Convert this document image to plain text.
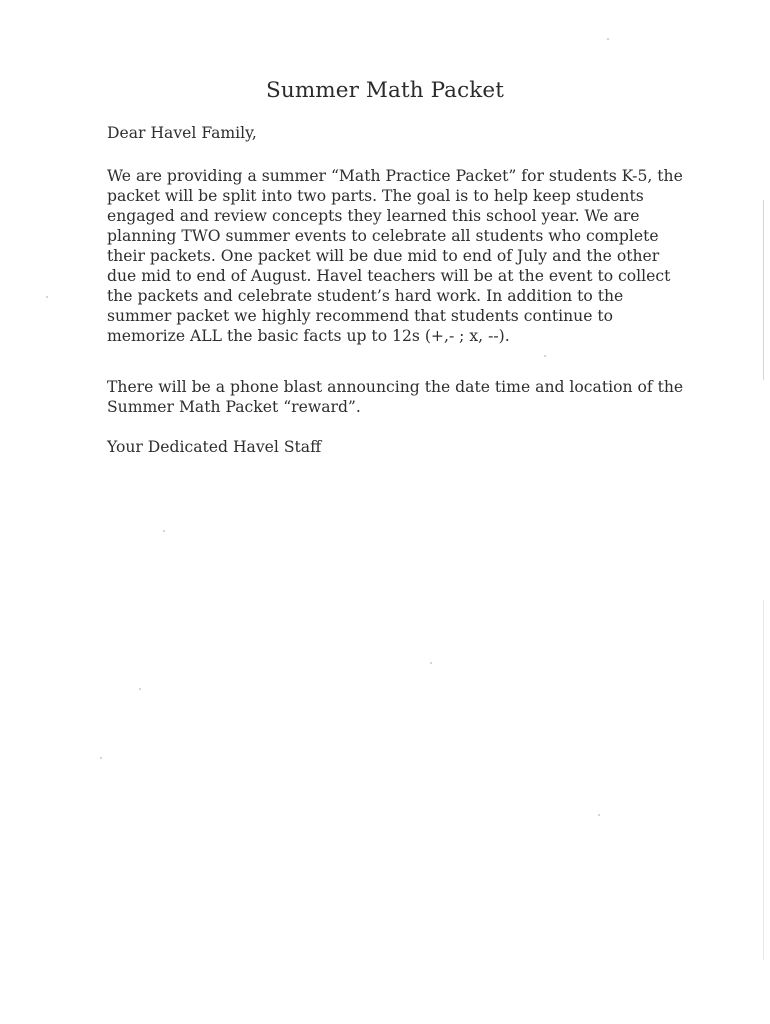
Summer Math Packet

Dear Havel Family,

We are providing a summer “Math Practice Packet” for students K-5, the
packet will be split into two parts. The goal is to help keep students
engaged and review concepts they learned this school year. We are
planning TWO summer events to celebrate all students who complete
their packets. One packet will be due mid to end of July and the other
due mid to end of August. Havel teachers will be at the event to collect
the packets and celebrate student’s hard work. In addition to the
summer packet we highly recommend that students continue to
memorize ALL the basic facts up to 12s (+,- ; x, --).

There will be a phone blast announcing the date time and location of the
Summer Math Packet “reward”.

Your Dedicated Havel Staff
